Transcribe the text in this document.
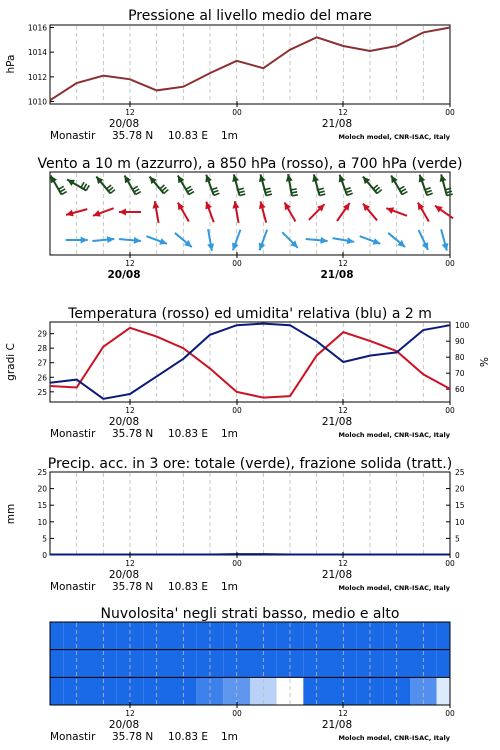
Pressione al livello medio del mare
1010
1012
1014
1016
hPa
12	00	12	00
20/08	21/08
Monastir 35.78 N 10.83 E 1m	Moloch model, CNR-ISAC, Italy
Vento a 10 m (azzurro), a 850 hPa (rosso), a 700 hPa (verde)
12	00	12	00
20/08	21/08
Temperatura (rosso) ed umidita' relativa (blu) a 2 m
25
26
27
28
29
60
70
80
90
100
gradi C	%
12	00	12	00
20/08	21/08
Monastir 35.78 N 10.83 E 1m	Moloch model, CNR-ISAC, Italy
Precip. acc. in 3 ore: totale (verde), frazione solida (tratt.)
0	0
5	5
10	10
15	15
20	20
25	25
mm
12	00	12	00
20/08	21/08
Monastir 35.78 N 10.83 E 1m	Moloch model, CNR-ISAC, Italy
Nuvolosita' negli strati basso, medio e alto
12	00	12	00
20/08	21/08
Monastir 35.78 N 10.83 E 1m	Moloch model, CNR-ISAC, Italy
